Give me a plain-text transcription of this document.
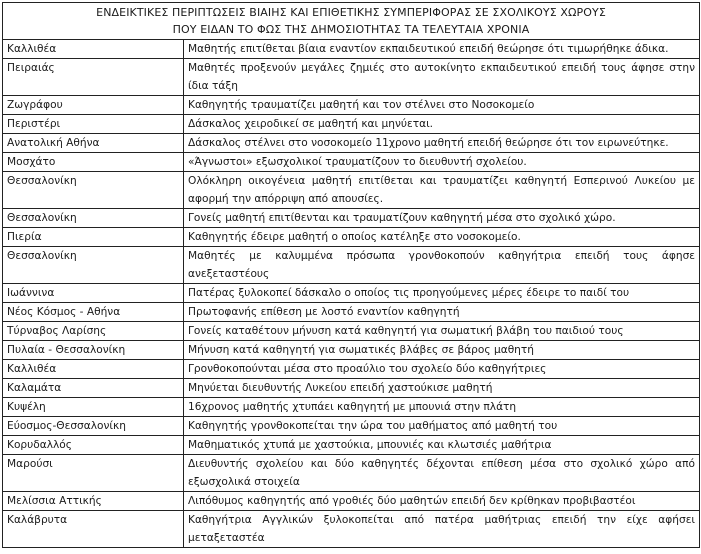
ΕΝΔΕΙΚΤΙΚΕΣ ΠΕΡΙΠΤΩΣΕΙΣ ΒΙΑΙΗΣ ΚΑΙ ΕΠΙΘΕΤΙΚΗΣ ΣΥΜΠΕΡΙΦΟΡΑΣ ΣΕ ΣΧΟΛΙΚΟΥΣ ΧΩΡΟΥΣ
ΠΟΥ ΕΙΔΑΝ ΤΟ ΦΩΣ ΤΗΣ ΔΗΜΟΣΙΟΤΗΤΑΣ ΤΑ ΤΕΛΕΥΤΑΙΑ ΧΡΟΝΙΑ	

Καλλιθέα	Μαθητής επιτίθεται βίαια εναντίον εκπαιδευτικού επειδή θεώρησε ότι τιμωρήθηκε άδικα.
Πειραιάς	Μαθητές προξενούν μεγάλες ζημιές στο αυτοκίνητο εκπαιδευτικού επειδή τους άφησε στην ίδια τάξη
Ζωγράφου	Καθηγητής τραυματίζει μαθητή και τον στέλνει στο Νοσοκομείο
Περιστέρι	Δάσκαλος χειροδικεί σε μαθητή και μηνύεται.
Ανατολική Αθήνα	Δάσκαλος στέλνει στο νοσοκομείο 11χρονο μαθητή επειδή θεώρησε ότι τον ειρωνεύτηκε.
Μοσχάτο	«Άγνωστοι» εξωσχολικοί τραυματίζουν το διευθυντή σχολείου.
Θεσσαλονίκη	Ολόκληρη οικογένεια μαθητή επιτίθεται και τραυματίζει καθηγητή Εσπερινού Λυκείου με αφορμή την απόρριψη από απουσίες.
Θεσσαλονίκη	Γονείς μαθητή επιτίθενται και τραυματίζουν καθηγητή μέσα στο σχολικό χώρο.
Πιερία	Καθηγητής έδειρε μαθητή ο οποίος κατέληξε στο νοσοκομείο.
Θεσσαλονίκη	Μαθητές με καλυμμένα πρόσωπα γρονθοκοπούν καθηγήτρια επειδή τους άφησε ανεξεταστέους
Ιωάννινα	Πατέρας ξυλοκοπεί δάσκαλο ο οποίος τις προηγούμενες μέρες έδειρε το παιδί του
Νέος Κόσμος - Αθήνα	Πρωτοφανής επίθεση με λοστό εναντίον καθηγητή
Τύρναβος Λαρίσης	Γονείς καταθέτουν μήνυση κατά καθηγητή για σωματική βλάβη του παιδιού τους
Πυλαία - Θεσσαλονίκη	Μήνυση κατά καθηγητή για σωματικές βλάβες σε βάρος μαθητή
Καλλιθέα	Γρονθοκοπούνται μέσα στο προαύλιο του σχολείο δύο καθηγήτριες
Καλαμάτα	Μηνύεται διευθυντής Λυκείου επειδή χαστούκισε μαθητή
Κυψέλη	16χρονος μαθητής χτυπάει καθηγητή με μπουνιά στην πλάτη
Εύοσμος-Θεσσαλονίκη	Καθηγητής γρονθοκοπείται την ώρα του μαθήματος από μαθητή του
Κορυδαλλός	Μαθηματικός χτυπά με χαστούκια, μπουνιές και κλωτσιές μαθήτρια
Μαρούσι	Διευθυντής σχολείου και δύο καθηγητές δέχονται επίθεση μέσα στο σχολικό χώρο από εξωσχολικά στοιχεία
Μελίσσια Αττικής	Λιπόθυμος καθηγητής από γροθιές δύο μαθητών επειδή δεν κρίθηκαν προβιβαστέοι
Καλάβρυτα	Καθηγήτρια Αγγλικών ξυλοκοπείται από πατέρα μαθήτριας επειδή την είχε αφήσει μεταξεταστέα
